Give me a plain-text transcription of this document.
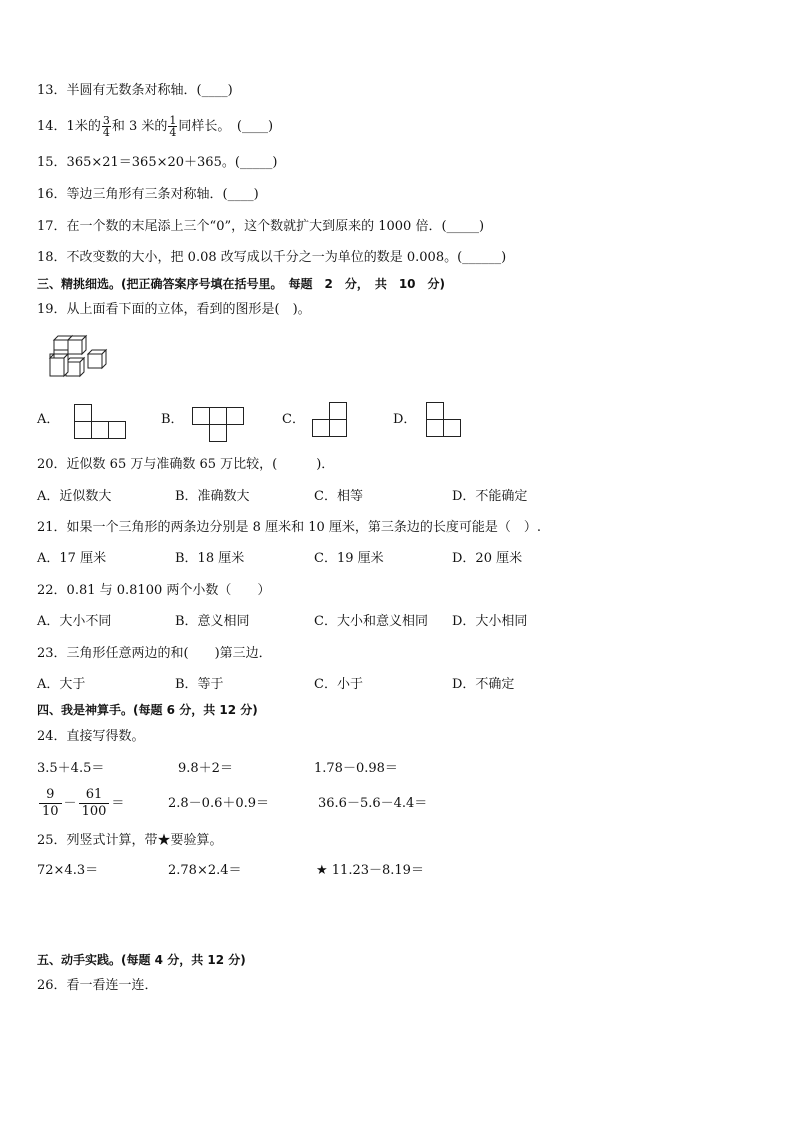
13．半圆有无数条对称轴．(____)
14．1米的 $\frac{3}{4}$ 和 3 米的 $\frac{1}{4}$ 同样长。　(____)
15．365×21＝365×20＋365。(_____)
16．等边三角形有三条对称轴．(____)
17．在一个数的末尾添上三个“0”，这个数就扩大到原来的 1000 倍．(_____)
18．不改变数的大小，把 0.08 改写成以千分之一为单位的数是 0.008。(______)
三、精挑细选。(把正确答案序号填在括号里。　每题　2　分，　共　10　分)
19．从上面看下面的立体，看到的图形是(　)。
A．	B．	C．	D．
20．近似数 65 万与准确数 65 万比较，(　　　)．
A．近似数大	B．准确数大	C．相等	D．不能确定
21．如果一个三角形的两条边分别是 8 厘米和 10 厘米，第三条边的长度可能是（　）.
A．17 厘米	B．18 厘米	C．19 厘米	D．20 厘米
22．0.81 与 0.8100 两个小数（　　）
A．大小不同	B．意义相同	C．大小和意义相同 D．大小相同
23．三角形任意两边的和(　　)第三边．
A．大于	B．等于	C．小于	D．不确定
四、我是神算手。(每题 6 分，共 12 分)
24．直接写得数。
3.5＋4.5＝	9.8＋2＝	1.78－0.98＝
$\frac{9}{10} - \frac{61}{100}$ ＝	2.8－0.6＋0.9＝	36.6－5.6－4.4＝
25．列竖式计算，带★要验算。
72×4.3＝	2.78×2.4＝	★ 11.23－8.19＝
五、动手实践。(每题 4 分，共 12 分)
26．看一看连一连．
